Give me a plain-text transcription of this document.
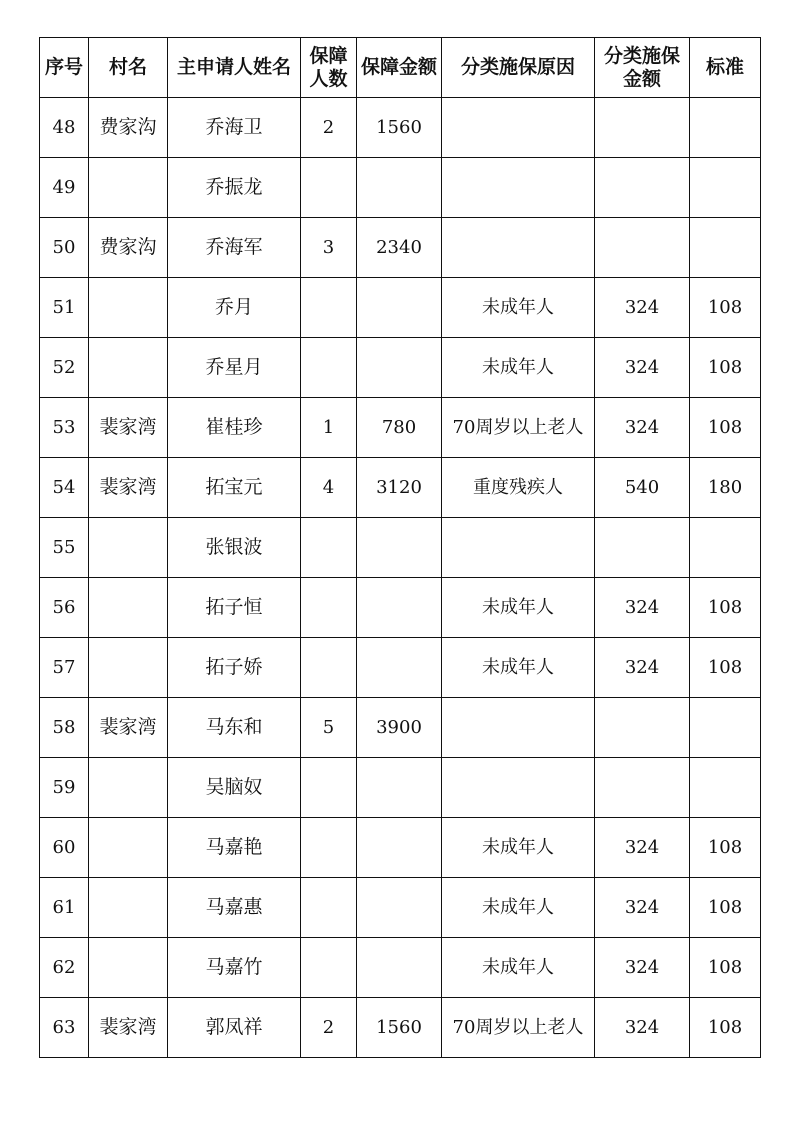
序号	村名	主申请人姓名	保障人数	保障金额	分类施保原因	分类施保金额	标准
48	费家沟	乔海卫	2	1560			
49		乔振龙					
50	费家沟	乔海军	3	2340			
51		乔月			未成年人	324	108
52		乔星月			未成年人	324	108
53	裴家湾	崔桂珍	1	780	70周岁以上老人	324	108
54	裴家湾	拓宝元	4	3120	重度残疾人	540	180
55		张银波					
56		拓子恒			未成年人	324	108
57		拓子娇			未成年人	324	108
58	裴家湾	马东和	5	3900			
59		吴脑奴					
60		马嘉艳			未成年人	324	108
61		马嘉惠			未成年人	324	108
62		马嘉竹			未成年人	324	108
63	裴家湾	郭凤祥	2	1560	70周岁以上老人	324	108
